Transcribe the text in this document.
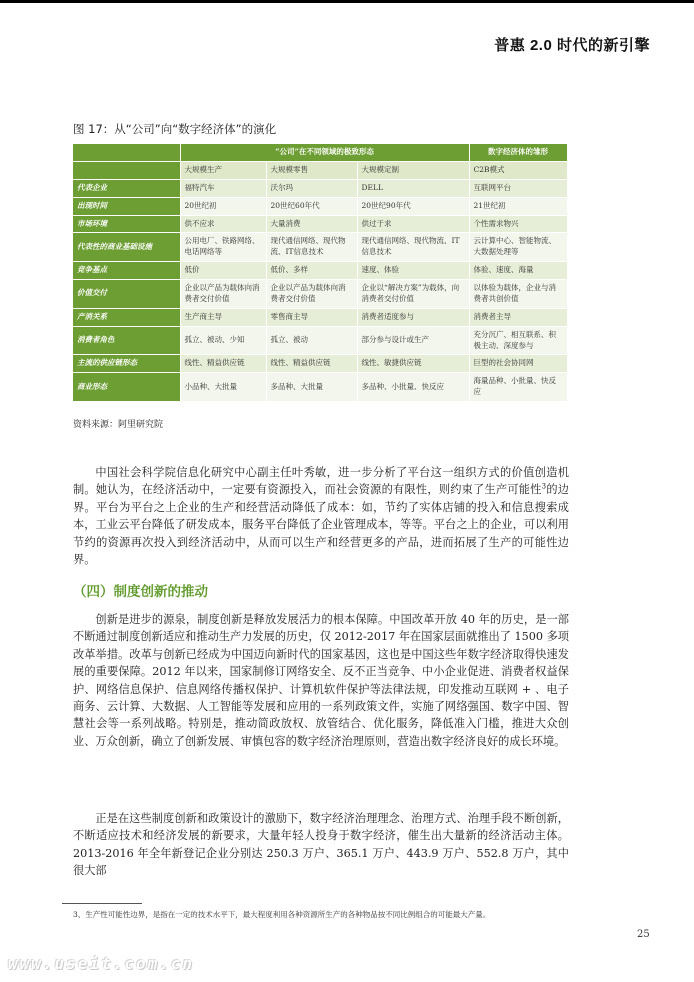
普惠 2.0 时代的新引擎
图 17：从“公司”向“数字经济体”的演化
	“公司”在不同领域的极致形态			数字经济体的雏形
	大规模生产	大规模零售	大规模定制	C2B模式
代表企业	福特汽车	沃尔玛	DELL	互联网平台
出现时间	20世纪初	20世纪60年代	20世纪90年代	21世纪初
市场环境	供不应求	大量消费	供过于求	个性需求物兴
代表性的商业基础设施	公用电厂、铁路网络、电话网络等	现代通信网络、现代物流、IT信息技术	现代通信网络、现代物流、IT信息技术	云计算中心、智能物流、大数据处理等
竞争基点	低价	低价、多样	速度、体验	体验、速度、海量
价值交付	企业以产品为载体向消费者交付价值	企业以产品为载体向消费者交付价值	企业以“解决方案”为载体，向消费者交付价值	以体验为载体，企业与消费者共创价值
产消关系	生产商主导	零售商主导	消费者适度参与	消费者主导
消费者角色	孤立、被动、少知	孤立、被动	部分参与设计或生产	充分沉广、相互联系、积极主动、深度参与
主流的供应链形态	线性、精益供应链	线性、精益供应链	线性、敏捷供应链	巨型的社会协同网
商业形态	小品种、大批量	多品种、大批量	多品种、小批量、快反应	海量品种、小批量、快反应
资料来源：阿里研究院

中国社会科学院信息化研究中心副主任叶秀敏，进一步分析了平台这一组织方式的价值创造机制。她认为，在经济活动中，一定要有资源投入，而社会资源的有限性，则约束了生产可能性$^3$的边界。平台为平台之上企业的生产和经营活动降低了成本：如，节约了实体店铺的投入和信息搜索成本，工业云平台降低了研发成本，服务平台降低了企业管理成本，等等。平台之上的企业，可以利用节约的资源再次投入到经济活动中，从而可以生产和经营更多的产品，进而拓展了生产的可能性边界。

（四）制度创新的推动

创新是进步的源泉，制度创新是释放发展活力的根本保障。中国改革开放 40 年的历史，是一部不断通过制度创新适应和推动生产力发展的历史，仅 2012-2017 年在国家层面就推出了 1500 多项改革举措。改革与创新已经成为中国迈向新时代的国家基因，这也是中国这些年数字经济取得快速发展的重要保障。2012 年以来，国家制修订网络安全、反不正当竞争、中小企业促进、消费者权益保护、网络信息保护、信息网络传播权保护、计算机软件保护等法律法规，印发推动互联网 + 、电子商务、云计算、大数据、人工智能等发展和应用的一系列政策文件，实施了网络强国、数字中国、智慧社会等一系列战略。特别是，推动简政放权、放管结合、优化服务，降低准入门槛，推进大众创业、万众创新，确立了创新发展、审慎包容的数字经济治理原则，营造出数字经济良好的成长环境。

正是在这些制度创新和政策设计的激励下，数字经济治理理念、治理方式、治理手段不断创新，不断适应技术和经济发展的新要求，大量年轻人投身于数字经济，催生出大量新的经济活动主体。2013-2016 年全年新登记企业分别达 250.3 万户、365.1 万户、443.9 万户、552.8 万户，其中很大部

3、生产性可能性边界，是指在一定的技术水平下，最大程度利用各种资源所生产的各种物品按不同比例组合的可能最大产量。

25
www.useit.com.cn
